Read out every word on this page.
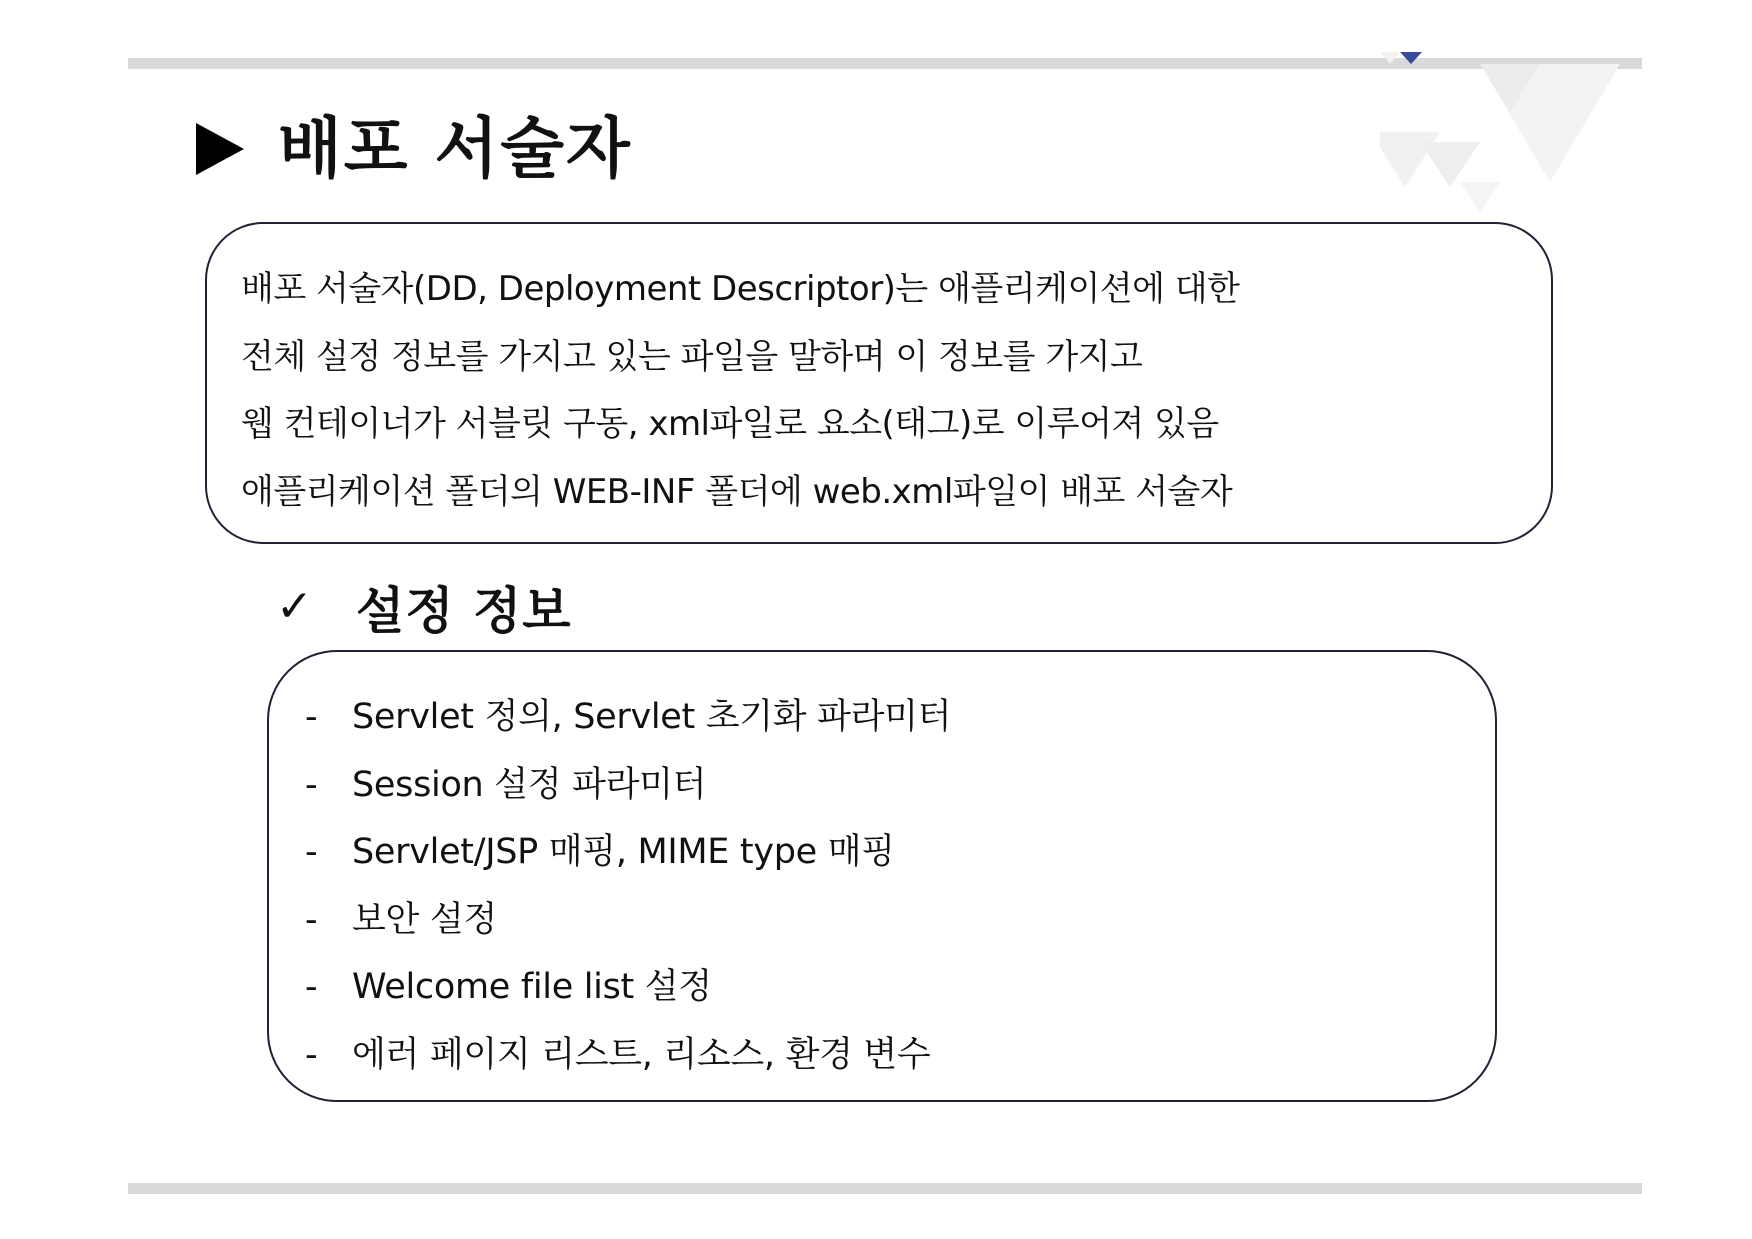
배포 서술자
배포 서술자(DD, Deployment Descriptor)는 애플리케이션에 대한
전체 설정 정보를 가지고 있는 파일을 말하며 이 정보를 가지고
웹 컨테이너가 서블릿 구동, xml파일로 요소(태그)로 이루어져 있음
애플리케이션 폴더의 WEB-INF 폴더에 web.xml파일이 배포 서술자
✓ 설정 정보
- Servlet 정의, Servlet 초기화 파라미터
- Session 설정 파라미터
- Servlet/JSP 매핑, MIME type 매핑
- 보안 설정
- Welcome file list 설정
- 에러 페이지 리스트, 리소스, 환경 변수
